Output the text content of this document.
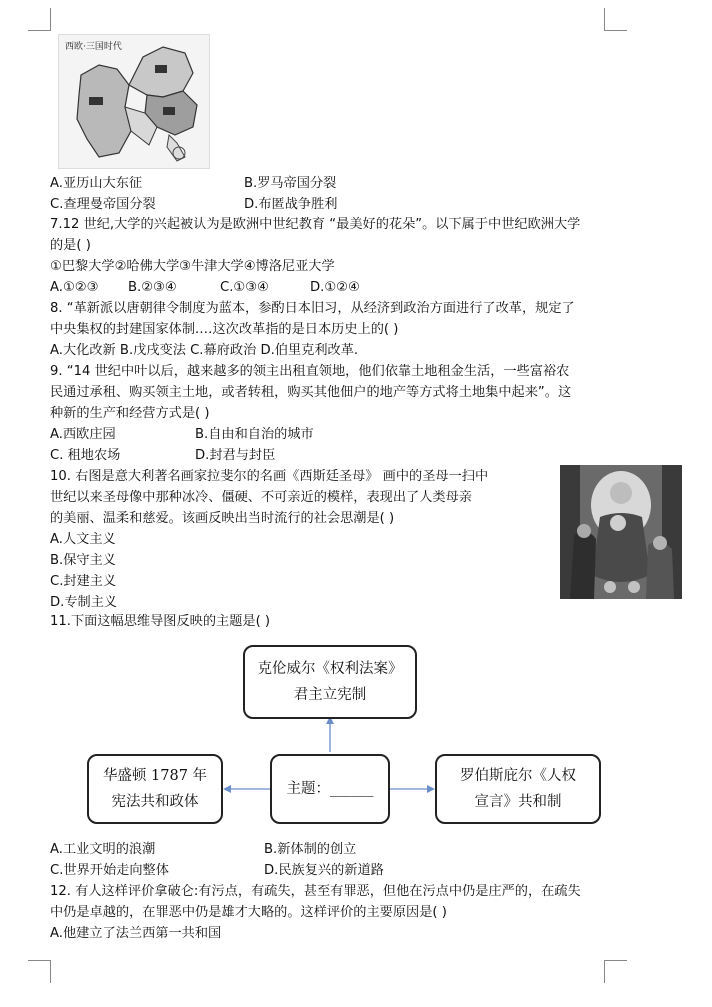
西欧·三国时代
A.亚历山大东征	B.罗马帝国分裂
C.查理曼帝国分裂	D.布匿战争胜利
7.12 世纪,大学的兴起被认为是欧洲中世纪教育 “最美好的花朵”。以下属于中世纪欧洲大学
的是( )
①巴黎大学②哈佛大学③牛津大学④博洛尼亚大学
A.①②③ B.②③④	C.①③④	D.①②④
8. “革新派以唐朝律令制度为蓝本，参酌日本旧习，从经济到政治方面进行了改革，规定了
中央集权的封建国家体制.…这次改革指的是日本历史上的( )
A.大化改新 B.戊戌变法 C.幕府政治 D.伯里克利改革.
9. “14 世纪中叶以后，越来越多的领主出租直领地，他们依靠土地租金生活，一些富裕农
民通过承租、购买领主土地，或者转租，购买其他佃户的地产等方式将土地集中起来”。这
种新的生产和经营方式是( )
A.西欧庄园	B.自由和自治的城市
C. 租地农场	D.封君与封臣
10. 右图是意大利著名画家拉斐尔的名画《西斯廷圣母》 画中的圣母一扫中
世纪以来圣母像中那种冰冷、僵硬、不可亲近的模样，表现出了人类母亲
的美丽、温柔和慈爱。该画反映出当时流行的社会思潮是( )
A.人文主义
B.保守主义
C.封建主义
D.专制主义
11.下面这幅思维导图反映的主题是( )
克伦威尔《权利法案》
君主立宪制
华盛顿 1787 年
宪法共和政体
主题：______
罗伯斯庇尔《人权
宣言》共和制
A.工业文明的浪潮	B.新体制的创立
C.世界开始走向整体	D.民族复兴的新道路
12. 有人这样评价拿破仑:有污点，有疏失，甚至有罪恶，但他在污点中仍是庄严的，在疏失
中仍是卓越的，在罪恶中仍是雄才大略的。这样评价的主要原因是( )
A.他建立了法兰西第一共和国
